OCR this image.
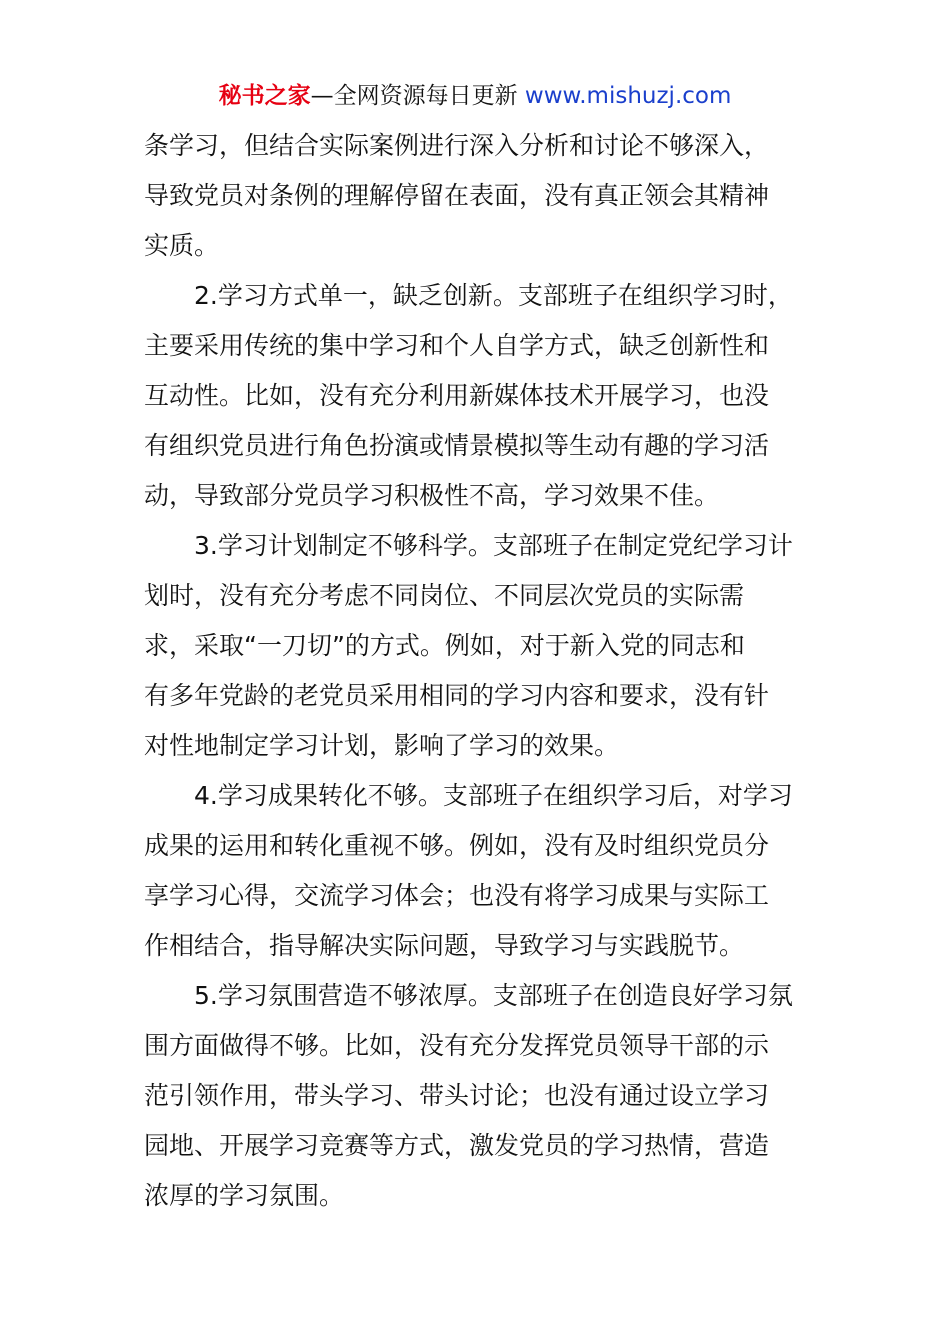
秘书之家—全网资源每日更新 www.mishuzj.com

条学习，但结合实际案例进行深入分析和讨论不够深入，
导致党员对条例的理解停留在表面，没有真正领会其精神
实质。

2.学习方式单一，缺乏创新。支部班子在组织学习时，
主要采用传统的集中学习和个人自学方式，缺乏创新性和
互动性。比如，没有充分利用新媒体技术开展学习，也没
有组织党员进行角色扮演或情景模拟等生动有趣的学习活
动，导致部分党员学习积极性不高，学习效果不佳。

3.学习计划制定不够科学。支部班子在制定党纪学习计
划时，没有充分考虑不同岗位、不同层次党员的实际需
求，采取“一刀切”的方式。例如，对于新入党的同志和
有多年党龄的老党员采用相同的学习内容和要求，没有针
对性地制定学习计划，影响了学习的效果。

4.学习成果转化不够。支部班子在组织学习后，对学习
成果的运用和转化重视不够。例如，没有及时组织党员分
享学习心得，交流学习体会；也没有将学习成果与实际工
作相结合，指导解决实际问题，导致学习与实践脱节。

5.学习氛围营造不够浓厚。支部班子在创造良好学习氛
围方面做得不够。比如，没有充分发挥党员领导干部的示
范引领作用，带头学习、带头讨论；也没有通过设立学习
园地、开展学习竞赛等方式，激发党员的学习热情，营造
浓厚的学习氛围。
